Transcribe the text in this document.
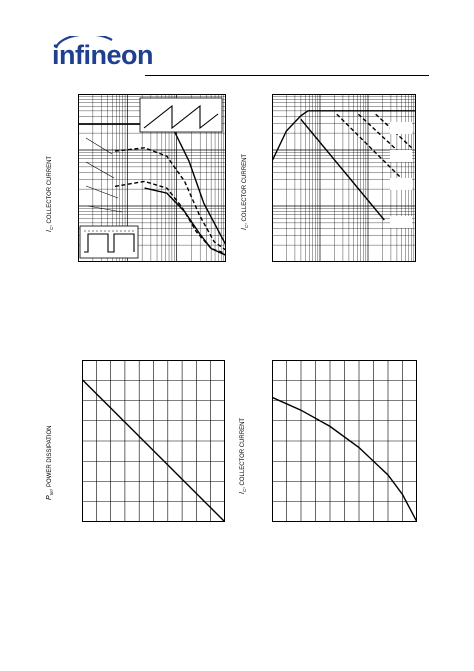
infineon
$I_C$, COLLECTOR CURRENT
$I_C$, COLLECTOR CURRENT
$P_{tot}$, POWER DISSIPATION
$I_C$, COLLECTOR CURRENT
